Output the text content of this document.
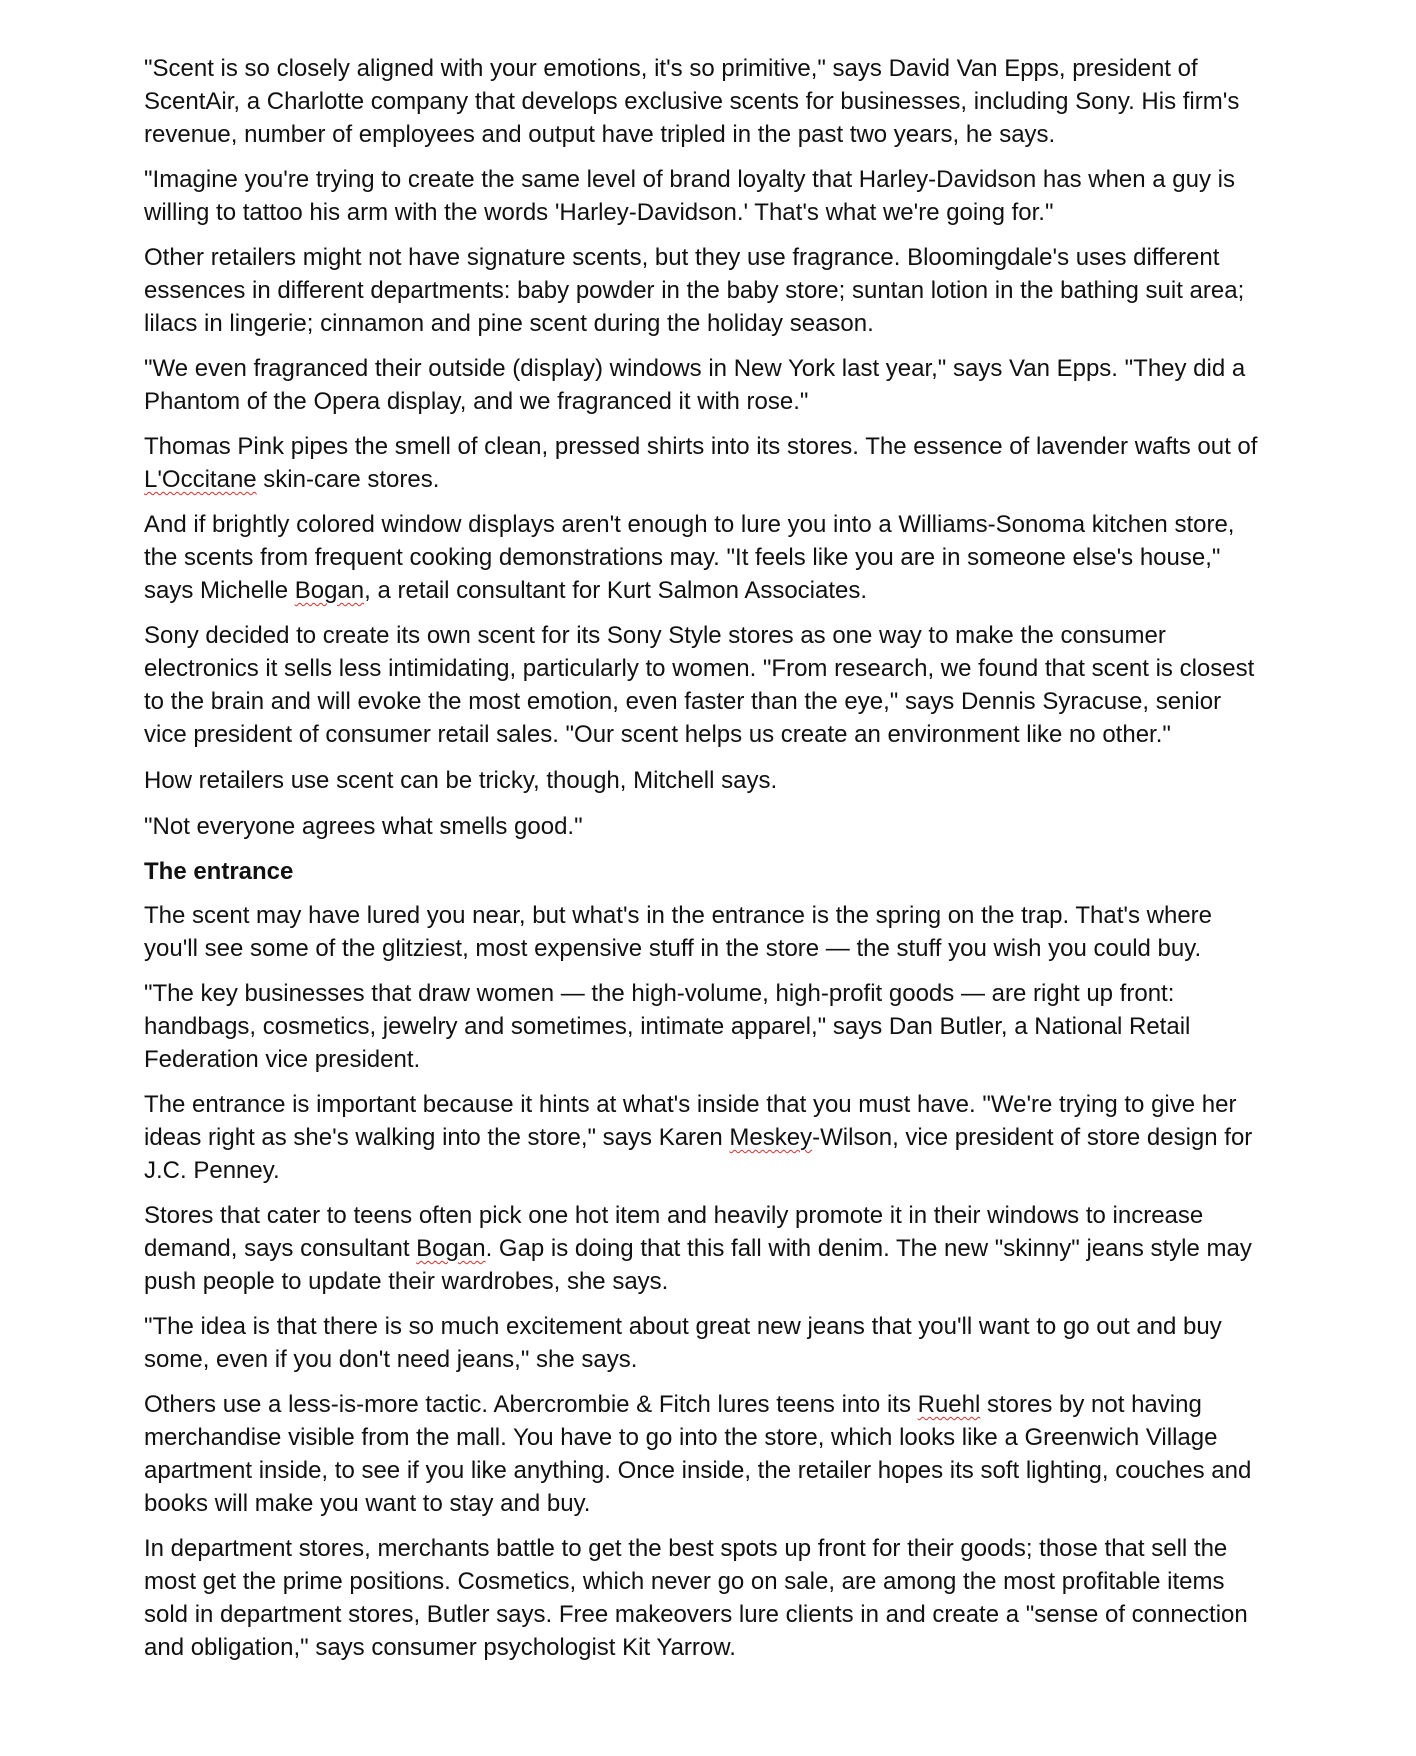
"Scent is so closely aligned with your emotions, it's so primitive," says David Van Epps, president of ScentAir, a Charlotte company that develops exclusive scents for businesses, including Sony. His firm's revenue, number of employees and output have tripled in the past two years, he says.

"Imagine you're trying to create the same level of brand loyalty that Harley-Davidson has when a guy is willing to tattoo his arm with the words 'Harley-Davidson.' That's what we're going for."

Other retailers might not have signature scents, but they use fragrance. Bloomingdale's uses different essences in different departments: baby powder in the baby store; suntan lotion in the bathing suit area; lilacs in lingerie; cinnamon and pine scent during the holiday season.

"We even fragranced their outside (display) windows in New York last year," says Van Epps. "They did a Phantom of the Opera display, and we fragranced it with rose."

Thomas Pink pipes the smell of clean, pressed shirts into its stores. The essence of lavender wafts out of L'Occitane skin-care stores.

And if brightly colored window displays aren't enough to lure you into a Williams-Sonoma kitchen store, the scents from frequent cooking demonstrations may. "It feels like you are in someone else's house," says Michelle Bogan, a retail consultant for Kurt Salmon Associates.

Sony decided to create its own scent for its Sony Style stores as one way to make the consumer electronics it sells less intimidating, particularly to women. "From research, we found that scent is closest to the brain and will evoke the most emotion, even faster than the eye," says Dennis Syracuse, senior vice president of consumer retail sales. "Our scent helps us create an environment like no other."

How retailers use scent can be tricky, though, Mitchell says.

"Not everyone agrees what smells good."

The entrance

The scent may have lured you near, but what's in the entrance is the spring on the trap. That's where you'll see some of the glitziest, most expensive stuff in the store — the stuff you wish you could buy.

"The key businesses that draw women — the high-volume, high-profit goods — are right up front: handbags, cosmetics, jewelry and sometimes, intimate apparel," says Dan Butler, a National Retail Federation vice president.

The entrance is important because it hints at what's inside that you must have. "We're trying to give her ideas right as she's walking into the store," says Karen Meskey-Wilson, vice president of store design for J.C. Penney.

Stores that cater to teens often pick one hot item and heavily promote it in their windows to increase demand, says consultant Bogan. Gap is doing that this fall with denim. The new "skinny" jeans style may push people to update their wardrobes, she says.

"The idea is that there is so much excitement about great new jeans that you'll want to go out and buy some, even if you don't need jeans," she says.

Others use a less-is-more tactic. Abercrombie & Fitch lures teens into its Ruehl stores by not having merchandise visible from the mall. You have to go into the store, which looks like a Greenwich Village apartment inside, to see if you like anything. Once inside, the retailer hopes its soft lighting, couches and books will make you want to stay and buy.

In department stores, merchants battle to get the best spots up front for their goods; those that sell the most get the prime positions. Cosmetics, which never go on sale, are among the most profitable items sold in department stores, Butler says. Free makeovers lure clients in and create a "sense of connection and obligation," says consumer psychologist Kit Yarrow.
